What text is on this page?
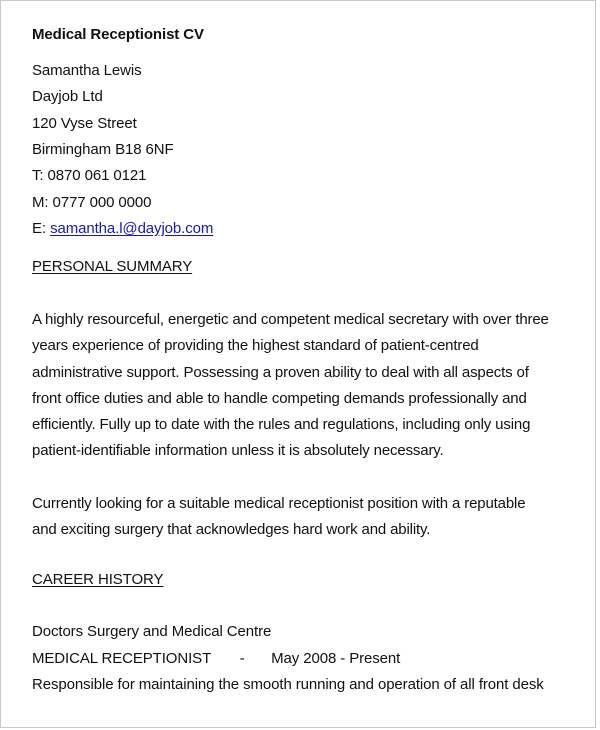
Medical Receptionist CV
Samantha Lewis
Dayjob Ltd
120 Vyse Street
Birmingham B18 6NF
T: 0870 061 0121
M: 0777 000 0000
E: samantha.l@dayjob.com
PERSONAL SUMMARY
A highly resourceful, energetic and competent medical secretary with over three
years experience of providing the highest standard of patient-centred
administrative support. Possessing a proven ability to deal with all aspects of
front office duties and able to handle competing demands professionally and
efficiently. Fully up to date with the rules and regulations, including only using
patient-identifiable information unless it is absolutely necessary.
Currently looking for a suitable medical receptionist position with a reputable
and exciting surgery that acknowledges hard work and ability.
CAREER HISTORY
Doctors Surgery and Medical Centre
MEDICAL RECEPTIONIST - May 2008 - Present
Responsible for maintaining the smooth running and operation of all front desk
